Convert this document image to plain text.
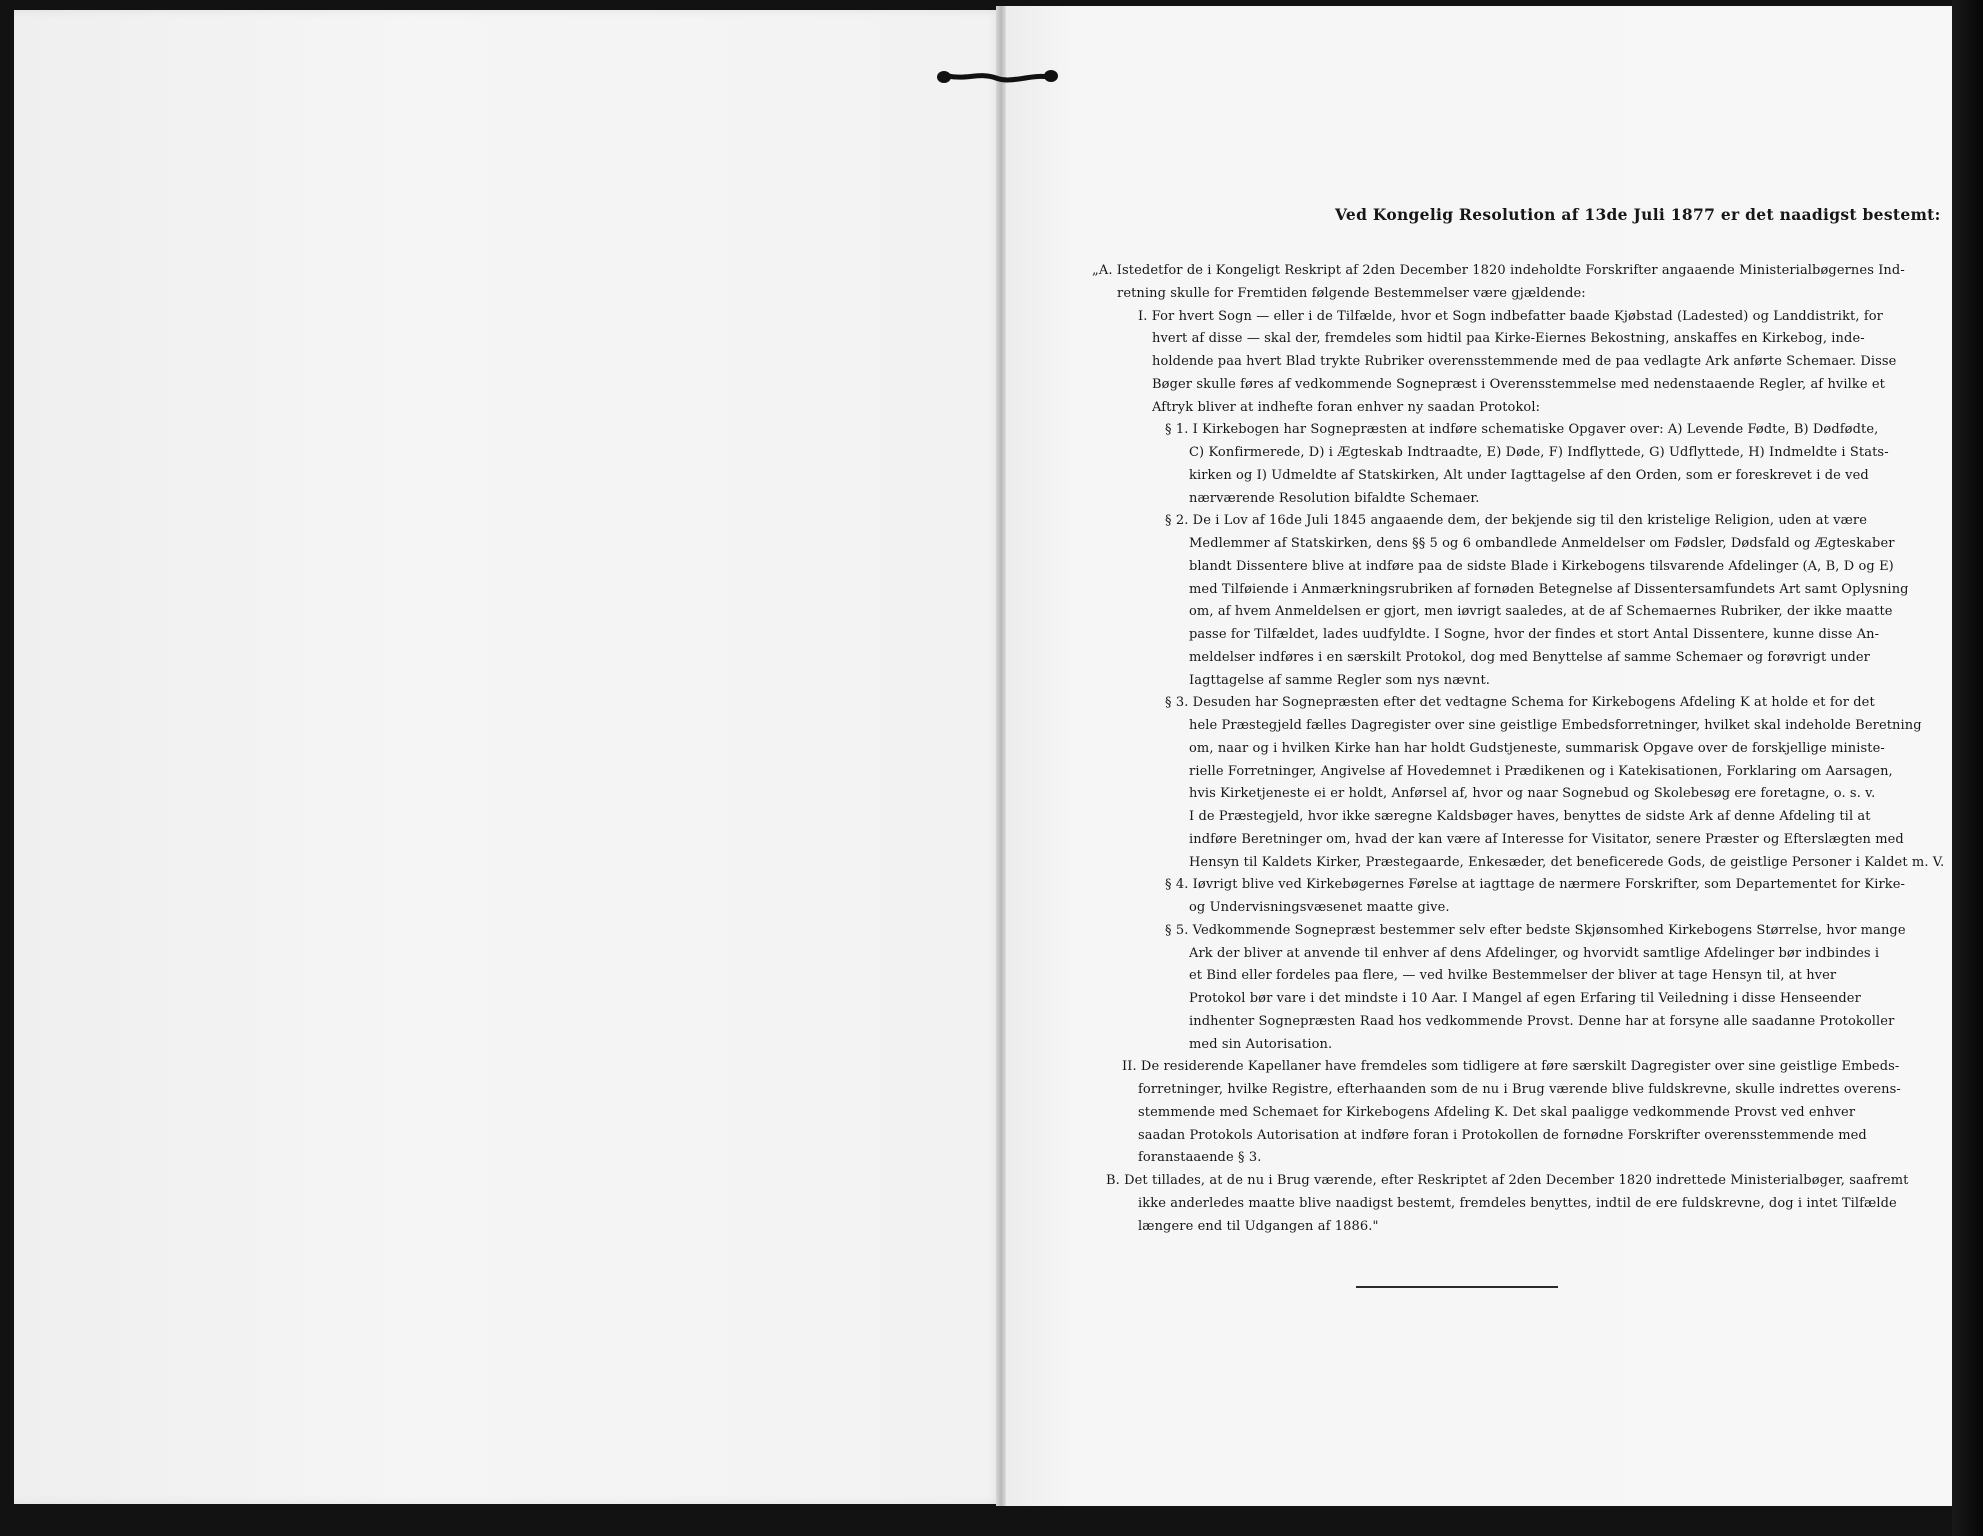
Ved Kongelig Resolution af 13de Juli 1877 er det naadigst bestemt:
„A. Istedetfor de i Kongeligt Reskript af 2den December 1820 indeholdte Forskrifter angaaende Ministerialbøgernes Ind-
retning skulle for Fremtiden følgende Bestemmelser være gjældende:
I. For hvert Sogn — eller i de Tilfælde, hvor et Sogn indbefatter baade Kjøbstad (Ladested) og Landdistrikt, for
hvert af disse — skal der, fremdeles som hidtil paa Kirke-Eiernes Bekostning, anskaffes en Kirkebog, inde-
holdende paa hvert Blad trykte Rubriker overensstemmende med de paa vedlagte Ark anførte Schemaer. Disse
Bøger skulle føres af vedkommende Sognepræst i Overensstemmelse med nedenstaaende Regler, af hvilke et
Aftryk bliver at indhefte foran enhver ny saadan Protokol:
§ 1. I Kirkebogen har Sognepræsten at indføre schematiske Opgaver over: A) Levende Fødte, B) Dødfødte,
C) Konfirmerede, D) i Ægteskab Indtraadte, E) Døde, F) Indflyttede, G) Udflyttede, H) Indmeldte i Stats-
kirken og I) Udmeldte af Statskirken, Alt under Iagttagelse af den Orden, som er foreskrevet i de ved
nærværende Resolution bifaldte Schemaer.
§ 2. De i Lov af 16de Juli 1845 angaaende dem, der bekjende sig til den kristelige Religion, uden at være
Medlemmer af Statskirken, dens §§ 5 og 6 ombandlede Anmeldelser om Fødsler, Dødsfald og Ægteskaber
blandt Dissentere blive at indføre paa de sidste Blade i Kirkebogens tilsvarende Afdelinger (A, B, D og E)
med Tilføiende i Anmærkningsrubriken af fornøden Betegnelse af Dissentersamfundets Art samt Oplysning
om, af hvem Anmeldelsen er gjort, men iøvrigt saaledes, at de af Schemaernes Rubriker, der ikke maatte
passe for Tilfældet, lades uudfyldte. I Sogne, hvor der findes et stort Antal Dissentere, kunne disse An-
meldelser indføres i en særskilt Protokol, dog med Benyttelse af samme Schemaer og forøvrigt under
Iagttagelse af samme Regler som nys nævnt.
§ 3. Desuden har Sognepræsten efter det vedtagne Schema for Kirkebogens Afdeling K at holde et for det
hele Præstegjeld fælles Dagregister over sine geistlige Embedsforretninger, hvilket skal indeholde Beretning
om, naar og i hvilken Kirke han har holdt Gudstjeneste, summarisk Opgave over de forskjellige ministe-
rielle Forretninger, Angivelse af Hovedemnet i Prædikenen og i Katekisationen, Forklaring om Aarsagen,
hvis Kirketjeneste ei er holdt, Anførsel af, hvor og naar Sognebud og Skolebesøg ere foretagne, o. s. v.
I de Præstegjeld, hvor ikke særegne Kaldsbøger haves, benyttes de sidste Ark af denne Afdeling til at
indføre Beretninger om, hvad der kan være af Interesse for Visitator, senere Præster og Efterslægten med
Hensyn til Kaldets Kirker, Præstegaarde, Enkesæder, det beneficerede Gods, de geistlige Personer i Kaldet m. V.
§ 4. Iøvrigt blive ved Kirkebøgernes Førelse at iagttage de nærmere Forskrifter, som Departementet for Kirke-
og Undervisningsvæsenet maatte give.
§ 5. Vedkommende Sognepræst bestemmer selv efter bedste Skjønsomhed Kirkebogens Størrelse, hvor mange
Ark der bliver at anvende til enhver af dens Afdelinger, og hvorvidt samtlige Afdelinger bør indbindes i
et Bind eller fordeles paa flere, — ved hvilke Bestemmelser der bliver at tage Hensyn til, at hver
Protokol bør vare i det mindste i 10 Aar. I Mangel af egen Erfaring til Veiledning i disse Henseender
indhenter Sognepræsten Raad hos vedkommende Provst. Denne har at forsyne alle saadanne Protokoller
med sin Autorisation.
II. De residerende Kapellaner have fremdeles som tidligere at føre særskilt Dagregister over sine geistlige Embeds-
forretninger, hvilke Registre, efterhaanden som de nu i Brug værende blive fuldskrevne, skulle indrettes overens-
stemmende med Schemaet for Kirkebogens Afdeling K. Det skal paaligge vedkommende Provst ved enhver
saadan Protokols Autorisation at indføre foran i Protokollen de fornødne Forskrifter overensstemmende med
foranstaaende § 3.
B. Det tillades, at de nu i Brug værende, efter Reskriptet af 2den December 1820 indrettede Ministerialbøger, saafremt
ikke anderledes maatte blive naadigst bestemt, fremdeles benyttes, indtil de ere fuldskrevne, dog i intet Tilfælde
længere end til Udgangen af 1886."
